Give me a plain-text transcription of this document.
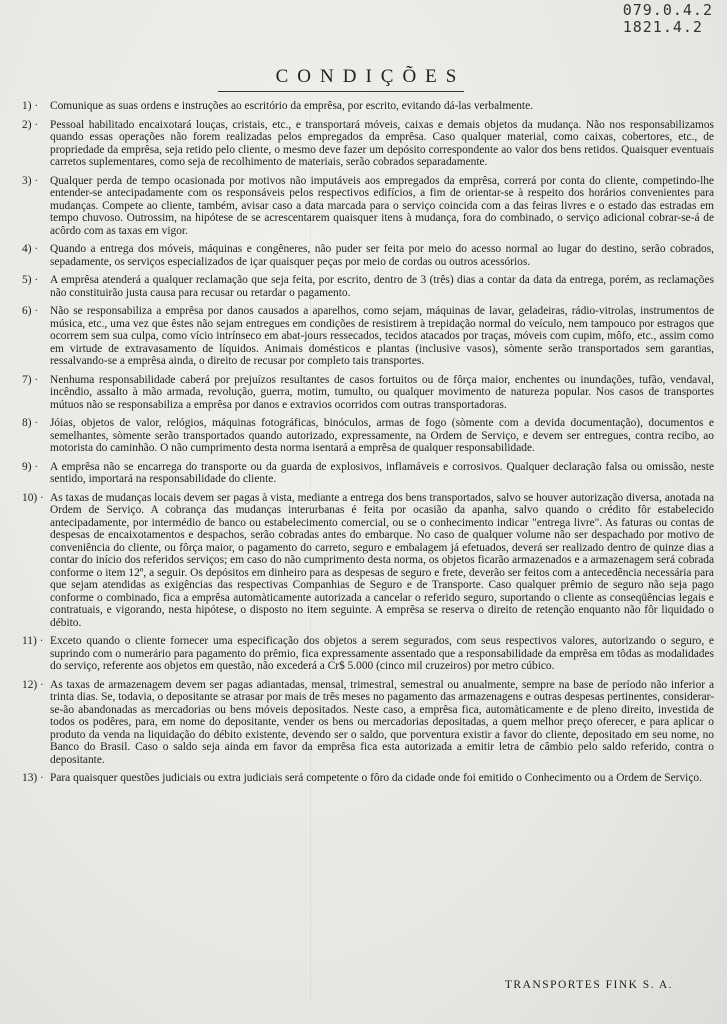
079.0.4.2
1821.4.2
CONDIÇÕES
1) ·	Comunique as suas ordens e instruções ao escritório da emprêsa, por escrito, evitando dá-las verbalmente.
2) ·	Pessoal habilitado encaixotará louças, cristais, etc., e transportará móveis, caixas e demais objetos da mudança. Não nos responsabilizamos quando essas operações não forem realizadas pelos empregados da emprêsa. Caso qualquer material, como caixas, cobertores, etc., de propriedade da emprêsa, seja retido pelo cliente, o mesmo deve fazer um depósito correspondente ao valor dos bens retidos. Quaisquer eventuais carretos suplementares, como seja de recolhimento de materiais, serão cobrados separadamente.
3) ·	Qualquer perda de tempo ocasionada por motivos não imputáveis aos empregados da emprêsa, correrá por conta do cliente, competindo-lhe entender-se antecipadamente com os responsáveis pelos respectivos edifícios, a fim de orientar-se à respeito dos horários convenientes para mudanças. Compete ao cliente, também, avisar caso a data marcada para o serviço coincida com a das feiras livres e o estado das estradas em tempo chuvoso. Outrossim, na hipótese de se acrescentarem quaisquer itens à mudança, fora do combinado, o serviço adicional cobrar-se-á de acôrdo com as taxas em vigor.
4) ·	Quando a entrega dos móveis, máquinas e congêneres, não puder ser feita por meio do acesso normal ao lugar do destino, serão cobrados, sepadamente, os serviços especializados de içar quaisquer peças por meio de cordas ou outros acessórios.
5) ·	A emprêsa atenderá a qualquer reclamação que seja feita, por escrito, dentro de 3 (três) dias a contar da data da entrega, porém, as reclamações não constituirão justa causa para recusar ou retardar o pagamento.
6) ·	Não se responsabiliza a emprêsa por danos causados a aparelhos, como sejam, máquinas de lavar, geladeiras, rádio-vitrolas, instrumentos de música, etc., uma vez que êstes não sejam entregues em condições de resistirem à trepidação normal do veículo, nem tampouco por estragos que ocorrem sem sua culpa, como vício intrínseco em abat-jours ressecados, tecidos atacados por traças, móveis com cupim, môfo, etc., assim como em virtude de extravasamento de líquidos. Animais domésticos e plantas (inclusive vasos), sòmente serão transportados sem garantias, ressalvando-se a emprêsa ainda, o direito de recusar por completo tais transportes.
7) ·	Nenhuma responsabilidade caberá por prejuízos resultantes de casos fortuitos ou de fôrça maior, enchentes ou inundações, tufão, vendaval, incêndio, assalto à mão armada, revolução, guerra, motim, tumulto, ou qualquer movimento de natureza popular. Nos casos de transportes mútuos não se responsabiliza a emprêsa por danos e extravios ocorridos com outras transportadoras.
8) ·	Jóias, objetos de valor, relógios, máquinas fotográficas, binóculos, armas de fogo (sòmente com a devida documentação), documentos e semelhantes, sòmente serão transportados quando autorizado, expressamente, na Ordem de Serviço, e devem ser entregues, contra recibo, ao motorista do caminhão. O não cumprimento desta norma isentará a emprêsa de qualquer responsabilidade.
9) ·	A emprêsa não se encarrega do transporte ou da guarda de explosivos, inflamáveis e corrosivos. Qualquer declaração falsa ou omissão, neste sentido, importará na responsabilidade do cliente.
10) · As taxas de mudanças locais devem ser pagas à vista, mediante a entrega dos bens transportados, salvo se houver autorização diversa, anotada na Ordem de Serviço. A cobrança das mudanças interurbanas é feita por ocasião da apanha, salvo quando o crédito fôr estabelecido antecipadamente, por intermédio de banco ou estabelecimento comercial, ou se o conhecimento indicar "entrega livre". As faturas ou contas de despesas de encaixotamentos e despachos, serão cobradas antes do embarque. No caso de qualquer volume não ser despachado por motivo de conveniência do cliente, ou fôrça maior, o pagamento do carreto, seguro e embalagem já efetuados, deverá ser realizado dentro de quinze dias a contar do início dos referidos serviços; em caso do não cumprimento desta norma, os objetos ficarão armazenados e a armazenagem será cobrada conforme o item 12º, a seguir. Os depósitos em dinheiro para as despesas de seguro e frete, deverão ser feitos com a antecedência necessária para que sejam atendidas as exigências das respectivas Companhias de Seguro e de Transporte. Caso qualquer prêmio de seguro não seja pago conforme o combinado, fica a emprêsa automàticamente autorizada a cancelar o referido seguro, suportando o cliente as conseqüências legais e contratuais, e vigorando, nesta hipótese, o disposto no item seguinte. A emprêsa se reserva o direito de retenção enquanto não fôr liquidado o débito.
11) · Exceto quando o cliente fornecer uma especificação dos objetos a serem segurados, com seus respectivos valores, autorizando o seguro, e suprindo com o numerário para pagamento do prêmio, fica expressamente assentado que a responsabilidade da emprêsa em tôdas as modalidades do serviço, referente aos objetos em questão, não excederá a Cr$ 5.000 (cinco mil cruzeiros) por metro cúbico.
12) · As taxas de armazenagem devem ser pagas adiantadas, mensal, trimestral, semestral ou anualmente, sempre na base de período não inferior a trinta dias. Se, todavia, o depositante se atrasar por mais de três meses no pagamento das armazenagens e outras despesas pertinentes, considerar-se-ão abandonadas as mercadorias ou bens móveis depositados. Neste caso, a emprêsa fica, automàticamente e de pleno direito, investida de todos os podêres, para, em nome do depositante, vender os bens ou mercadorias depositadas, a quem melhor preço oferecer, e para aplicar o produto da venda na liquidação do débito existente, devendo ser o saldo, que porventura existir a favor do cliente, depositado em seu nome, no Banco do Brasil. Caso o saldo seja ainda em favor da emprêsa fica esta autorizada a emitir letra de câmbio pelo saldo referido, contra o depositante.
13) · Para quaisquer questões judiciais ou extra judiciais será competente o fôro da cidade onde foi emitido o Conhecimento ou a Ordem de Serviço.
TRANSPORTES FINK S. A.
